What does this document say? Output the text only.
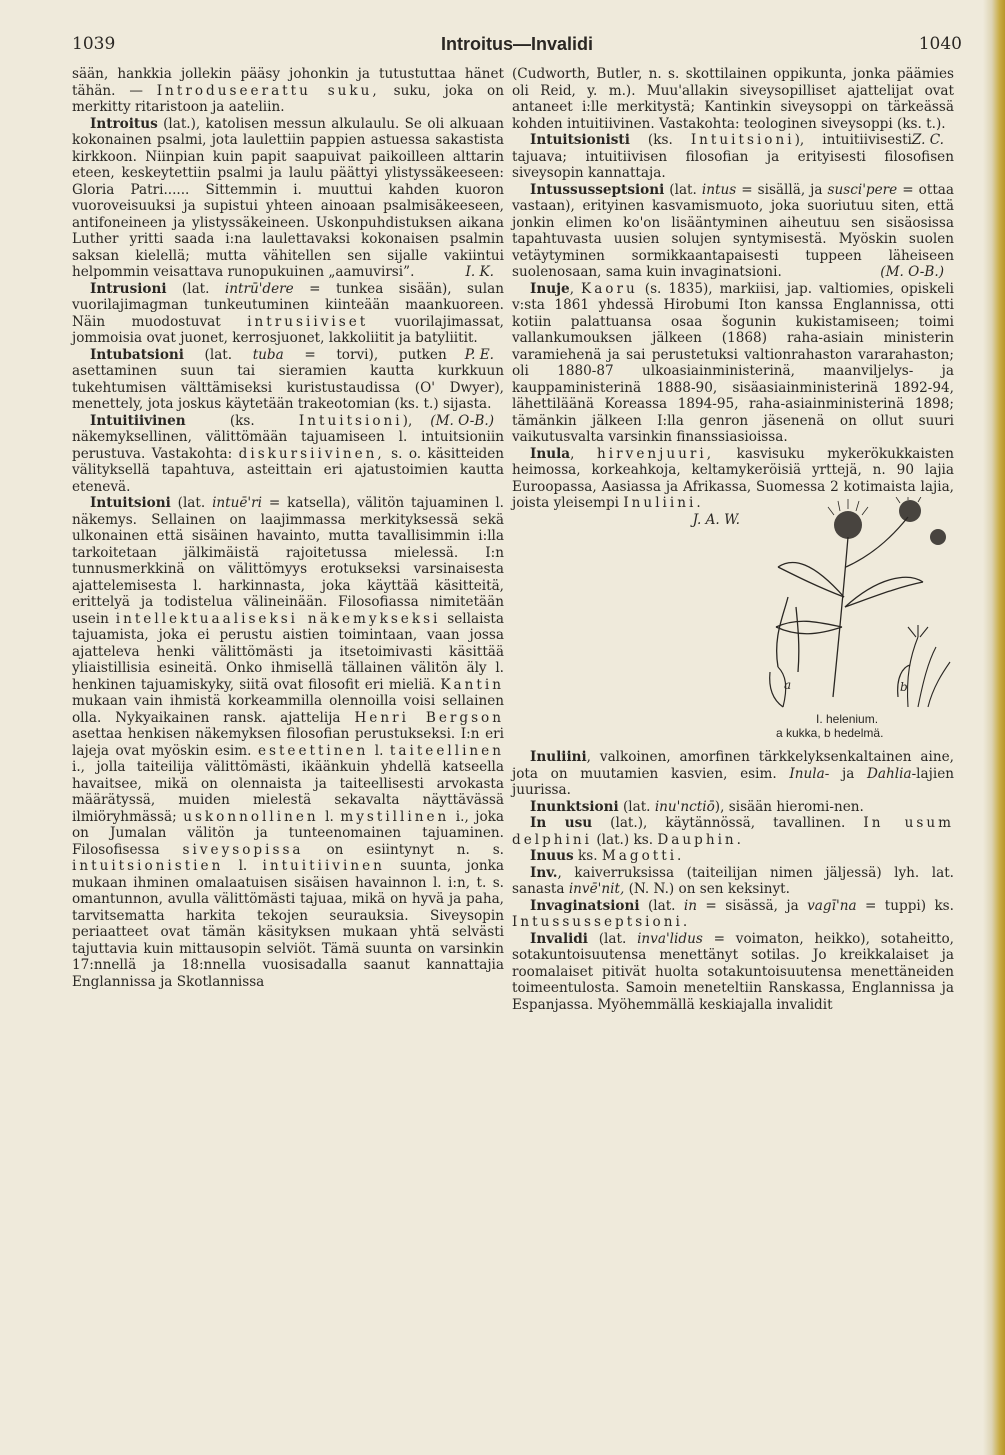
1039	Introitus—Invalidi	1040

sään, hankkia jollekin pääsy johonkin ja tutustuttaa hänet tähän. — Introduseerattu suku, suku, joka on merkitty ritaristoon ja aateliin.

Introitus (lat.), katolisen messun alkulaulu. Se oli alkuaan kokonainen psalmi, jota laulettiin pappien astuessa sakastista kirkkoon. Niinpian kuin papit saapuivat paikoilleen alttarin eteen, keskeytettiin psalmi ja laulu päättyi ylistyssäkeeseen: Gloria Patri...... Sittemmin i. muuttui kahden kuoron vuoroveisuuksi ja supistui yhteen ainoaan psalmisäkeeseen, antifoneineen ja ylistyssäkeineen. Uskonpuhdistuksen aikana Luther yritti saada i:na laulettavaksi kokonaisen psalmin saksan kielellä; mutta vähitellen sen sijalle vakiintui helpommin veisattava runopukuinen „aamuvirsi”.	I. K.

Intrusioni (lat. intrū'dere = tunkea sisään), sulan vuorilajimagman tunkeutuminen kiinteään maankuoreen. Näin muodostuvat intrusiiviset vuorilajimassat, jommoisia ovat juonet, kerrosjuonet, lakkoliitit ja batyliitit.
P. E.

Intubatsioni (lat. tuba = torvi), putken asettaminen suun tai sieramien kautta kurkkuun tukehtumisen välttämiseksi kuristustaudissa (O' Dwyer), menettely, jota joskus käytetään trakeotomian (ks. t.) sijasta.
(M. O-B.)

Intuitiivinen (ks. Intuitsioni), näkemyksellinen, välittömään tajuamiseen l. intuitsioniin perustuva. Vastakohta: diskursiivinen, s. o. käsitteiden välityksellä tapahtuva, asteittain eri ajatustoimien kautta etenevä.

Intuitsioni (lat. intuē'ri = katsella), välitön tajuaminen l. näkemys. Sellainen on laajimmassa merkityksessä sekä ulkonainen että sisäinen havainto, mutta tavallisimmin i:lla tarkoitetaan jälkimäistä rajoitetussa mielessä. I:n tunnusmerkkinä on välittömyys erotukseksi varsinaisesta ajattelemisesta l. harkinnasta, joka käyttää käsitteitä, erittelyä ja todistelua välineinään. Filosofiassa nimitetään usein intellektuaaliseksi näkemykseksi sellaista tajuamista, joka ei perustu aistien toimintaan, vaan jossa ajatteleva henki välittömästi ja itsetoimivasti käsittää yliaistillisia esineitä. Onko ihmisellä tällainen välitön äly l. henkinen tajuamiskyky, siitä ovat filosofit eri mieliä. Kantin mukaan vain ihmistä korkeammilla olennoilla voisi sellainen olla. Nykyaikainen ransk. ajattelija Henri Bergson asettaa henkisen näkemyksen filosofian perustukseksi. I:n eri lajeja ovat myöskin esim. esteettinen l. taiteellinen i., jolla taiteilija välittömästi, ikäänkuin yhdellä katseella havaitsee, mikä on olennaista ja taiteellisesti arvokasta määrätyssä, muiden mielestä sekavalta näyttävässä ilmiöryhmässä; uskonnollinen l. mystillinen i., joka on Jumalan välitön ja tunteenomainen tajuaminen. Filosofisessa siveysopissa on esiintynyt n. s. intuitsionistien l. intuitiivinen suunta, jonka mukaan ihminen omalaatuisen sisäisen havainnon l. i:n, t. s. omantunnon, avulla välittömästi tajuaa, mikä on hyvä ja paha, tarvitsematta harkita tekojen seurauksia. Siveysopin periaatteet ovat tämän käsityksen mukaan yhtä selvästi tajuttavia kuin mittausopin selviöt. Tämä suunta on varsinkin 17:nnellä ja 18:nnella vuosisadalla saanut kannattajia Englannissa ja Skotlannissa

(Cudworth, Butler, n. s. skottilainen oppikunta, jonka päämies oli Reid, y. m.). Muu'allakin siveysopilliset ajattelijat ovat antaneet i:lle merkitystä; Kantinkin siveysoppi on tärkeässä kohden intuitiivinen. Vastakohta: teologinen siveysoppi (ks. t.).
Z. C.

Intuitsionisti (ks. Intuitsioni), intuitiivisesti tajuava; intuitiivisen filosofian ja erityisesti filosofisen siveysopin kannattaja.

Intussusseptsioni (lat. intus = sisällä, ja susci'pere = ottaa vastaan), erityinen kasvamismuoto, joka suoriutuu siten, että jonkin elimen ko'on lisääntyminen aiheutuu sen sisäosissa tapahtuvasta uusien solujen syntymisestä. Myöskin suolen vetäytyminen sormikkaantapaisesti tuppeen läheiseen suolenosaan, sama kuin invaginatsioni.	(M. O-B.)

Inuje, Kaoru (s. 1835), markiisi, jap. valtiomies, opiskeli v:sta 1861 yhdessä Hirobumi Iton kanssa Englannissa, otti kotiin palattuansa osaa šogunin kukistamiseen; toimi vallankumouksen jälkeen (1868) raha-asiain ministerin varamiehenä ja sai perustetuksi valtionrahaston vararahaston; oli 1880-87 ulkoasiainministerinä, maanviljelys- ja kauppaministerinä 1888-90, sisäasiainministerinä 1892-94, lähettiläänä Koreassa 1894-95, raha-asiainministerinä 1898; tämänkin jälkeen I:lla genron jäsenenä on ollut suuri vaikutusvalta varsinkin finanssiasioissa.

Inula, hirvenjuuri, kasvisuku mykerökukkaisten heimossa, korkeahkoja, keltamykeröisiä yrttejä, n. 90 lajia Euroopassa, Aasiassa ja Afrikassa, Suomessa 2 kotimaista lajia, joista yleisempi
a	b
I. helenium.
a kukka, b hedelmä.
Inuliini.
J. A. W.

Inuliini, valkoinen, amorfinen tärkkelyksenkaltainen aine, jota on muutamien kasvien, esim. Inula- ja Dahlia-lajien juurissa.

Inunktsioni (lat. inu'nctiō), sisään hieromi-nen.

In usu (lat.), käytännössä, tavallinen. In usum delphini (lat.) ks. Dauphin.

Inuus ks. Magotti.

Inv., kaiverruksissa (taiteilijan nimen jäljessä) lyh. lat. sanasta invē'nit, (N. N.) on sen keksinyt.

Invaginatsioni (lat. in = sisässä, ja vagī'na = tuppi) ks. Intussusseptsioni.

Invalidi (lat. inva'lidus = voimaton, heikko), sotaheitto, sotakuntoisuutensa menettänyt sotilas. Jo kreikkalaiset ja roomalaiset pitivät huolta sotakuntoisuutensa menettäneiden toimeentulosta. Samoin meneteltiin Ranskassa, Englannissa ja Espanjassa. Myöhemmällä keskiajalla invalidit
